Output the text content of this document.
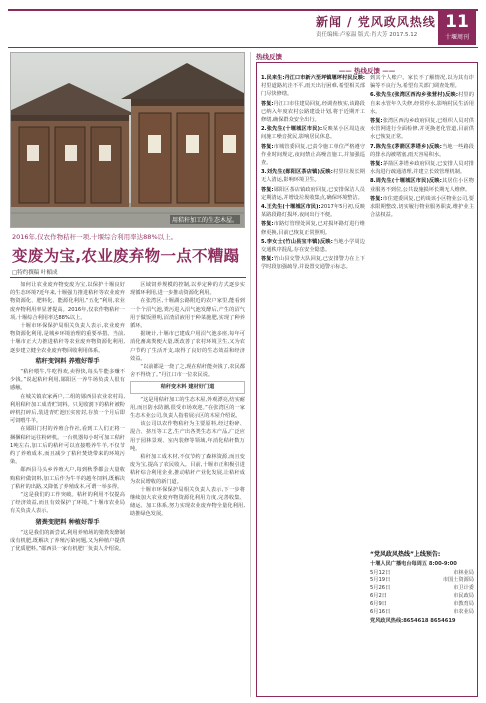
新闻 / 党风政风热线
责任编辑:卢家温 版式:肖大芳 2017.5.12
11
十堰周刊
用秸秆加工的生态木屋。
2016年,仅农作物秸秆一项,十堰综合利用率达88%以上。
变废为宝,农业废弃物一点不糟蹋
□特约撰稿 叶楣成

如何让农业废弃物变废为宝,以保护十堰良好的生态环境?近年来,十堰强力推进秸秆等农业废弃物资源化、肥料化、能源化利用,“五化”利用,农业废弃物利用率显著提高。2016年,仅农作物秸秆一项,十堰综合利用率达88%以上。

十堰市环保保护局相关负责人表示,农业废弃物资源化利用,是城乡环境治理的重要举措。当前,十堰市正大力推进秸秆等农业废弃物资源化利用,逐步建立健全农业废弃物回收利用体系。

秸秆变饲料 养殖好帮手

“秸秆喂牛,牛吃得欢,卖得快,每头牛能多赚不少钱。”说起秸秆利用,郧阳区一养牛场负责人很有感触。

在城关镇农家两户,二组的郧西县农业农村局,利用秸秆加工成青贮饲料。只见收割下的秸秆被粉碎机打碎后,装进青贮池压实密封,存放一个月后即可饲喂牛羊。

在郧阳门村的养殖合作社,看到工人们正将一捆捆秸秆运往粉碎机。一台机器每小时可加工秸秆1吨左右,加工后的秸秆可以直接喂养牛羊,不仅节约了养殖成本,而且减少了秸秆焚烧带来的环境污染。

郧西县马头乡养殖大户,每到秋季都会大量收购秸秆做饲料,加工后作为牛羊的越冬饲料,既解决了秸秆的出路,又降低了养殖成本,可谓一举多得。

“这是我们的工作突破。秸秆的利用不仅提高了经济效益,而且有效保护了环境。”十堰市农业局有关负责人表示。

猪粪变肥料 种植好帮手

“这是我们的新尝试,利用养殖场的猪粪发酵制成有机肥,既解决了养殖污染问题,又为种植户提供了优质肥料。”郧西县一家有机肥厂负责人介绍说。

区域饲养规模的控制,以养定种的方式逐步实现循环利用,进一步推动资源化利用。

在张湾区,十堰湖公路附近的农户家里,能看到一个个沼气池,粪污进入沼气池发酵后,产生的沼气用于做饭照明,沼渣沼液用于种菜施肥,实现了种养循环。

据统计,十堰市已建成户用沼气池多座,每年可消化畜禽粪便大量,既改善了农村环境卫生,又为农户节约了生活开支,取得了良好的生态效益和经济效益。

“以前都是一烧了之,现在秸秆能卖钱了,农民都舍不得烧了。”丹江口市一位农民说。

秸秆变木料 建材好门道

“这是用秸秆加工的生态木屋,外观漂亮,结实耐用,而且防水防潮,很受市场欢迎。”在张湾区的一家生态木业公司,负责人指着展示区的木屋介绍说。

该公司以农作物秸秆为主要原料,经过粉碎、混合、挤压等工艺,生产出各类生态木产品,广泛应用于园林景观、室内装修等领域,年消化秸秆数万吨。

秸秆加工成木材,不仅节约了森林资源,而且变废为宝,提高了农民收入。目前,十堰市正积极引进秸秆综合利用企业,推动秸秆产业化发展,让秸秆成为农民增收的新门道。

十堰市环保保护局相关负责人表示,下一步将继续加大农业废弃物资源化利用力度,完善收集、储运、加工体系,努力实现农业废弃物全量化利用,助推绿色发展。

热线反馈
—— 热线反馈 ——

1.民来生:丹江口市新六至坪镇堰坪村民反映:村里道路坑洼不平,雨天出行困难,希望相关部门尽快修缮。

答复:丹江口市住建局回复,经调查核实,该路段已纳入年度农村公路建设计划,将于近期开工修缮,确保群众安全出行。

2.张先生(十堰城区市民):反映某小区周边夜间施工噪音扰民,影响居民休息。

答复:市城管委回复,已责令施工单位严格遵守作业时间规定,夜间禁止高噪音施工,并加强巡查。

3.刘先生(郧阳区茶店镇)反映:村里垃圾长期无人清运,影响环境卫生。

答复:郧阳区茶店镇政府回复,已安排保洁人员定期清运,并增设垃圾收集点,确保环境整洁。

4.王先生(十堰城区市民):2017年5月初,反映某路段路灯损坏,夜间出行不便。

答复:市路灯管理处回复,已对损坏路灯进行维修更换,目前已恢复正常照明。

5.李女士(竹山县宝丰镇)反映:当地小学周边交通秩序混乱,存在安全隐患。

答复:竹山县交警大队回复,已安排警力在上下学时段加强疏导,并设置交通警示标志。

到其个人账户。家长不了解情况,以为其有诈骗等不良行为,希望有关部门调查处理。

6.张先生(张湾区西沟乡张营村)反映:村里的自来水管年久失修,经常停水,影响村民生活用水。

答复:张湾区西沟乡政府回复,已组织人员对供水管网进行全面检修,并更换老化管道,目前供水已恢复正常。

7.陈先生(茅箭区茅塔乡)反映:当地一些路段的排水沟被堵塞,雨天容易积水。

答复:茅箭区茅塔乡政府回复,已安排人员对排水沟进行疏通清理,并建立长效管理机制。

8.周先生(十堰城区市民)反映:其居住小区物业服务不到位,公共设施损坏长期无人维修。

答复:市住建委回复,已约谈该小区物业公司,要求限期整改,切实履行物业服务职责,维护业主合法权益。

“党风政风热线”上线预告:
十堰人民广播电台每周五 8:00-9:00
5月12日	市林业局
5月19日	市国土资源局
5月26日	市卫计委
6月2日	市民政局
6月9日	市教育局
6月16日	市农业局
党风政风热线:8654618 8654619
